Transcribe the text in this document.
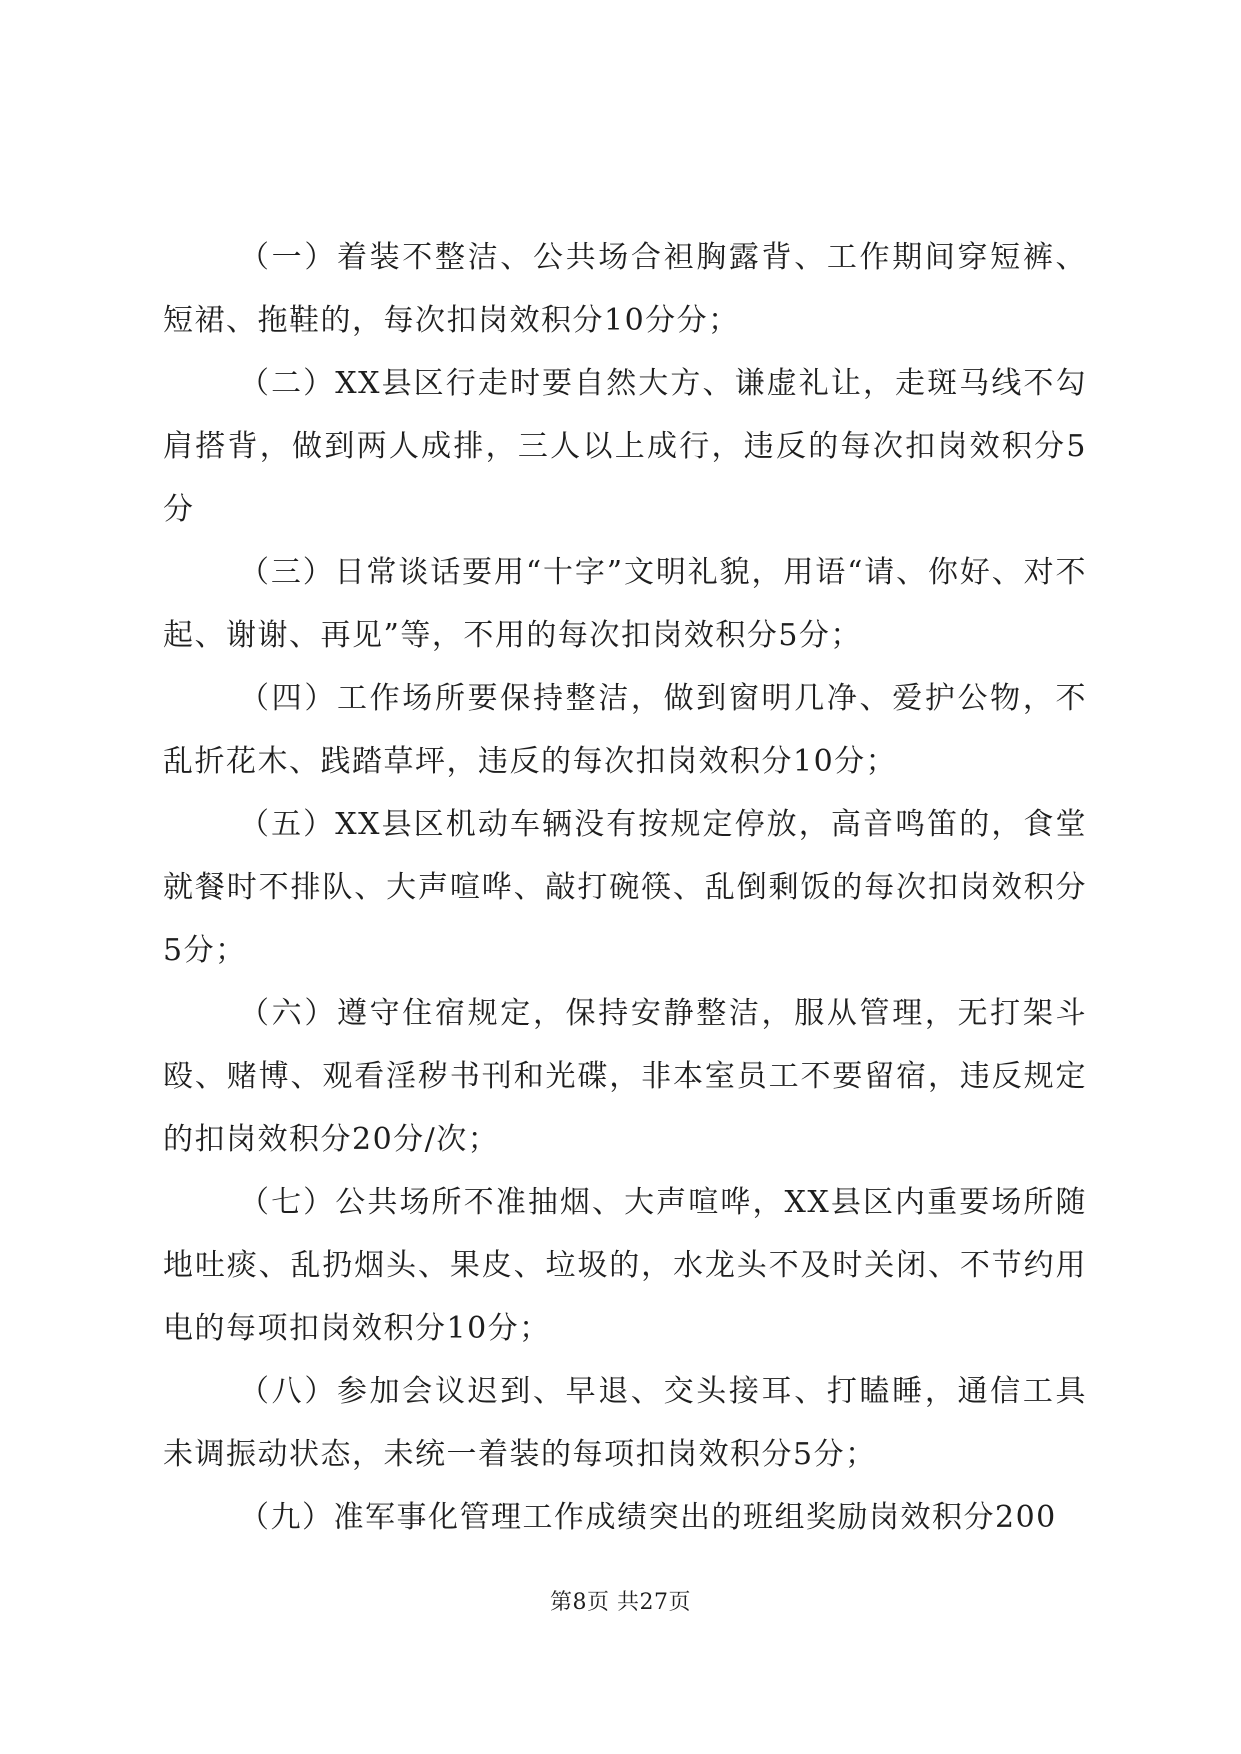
（一）着装不整洁、公共场合袒胸露背、工作期间穿短裤、短裙、拖鞋的，每次扣岗效积分10分分；

（二）XX县区行走时要自然大方、谦虚礼让，走斑马线不勾肩搭背，做到两人成排，三人以上成行，违反的每次扣岗效积分5分

（三）日常谈话要用“十字”文明礼貌，用语“请、你好、对不起、谢谢、再见”等，不用的每次扣岗效积分5分；

（四）工作场所要保持整洁，做到窗明几净、爱护公物，不乱折花木、践踏草坪，违反的每次扣岗效积分10分；

（五）XX县区机动车辆没有按规定停放，高音鸣笛的，食堂就餐时不排队、大声喧哗、敲打碗筷、乱倒剩饭的每次扣岗效积分5分；

（六）遵守住宿规定，保持安静整洁，服从管理，无打架斗殴、赌博、观看淫秽书刊和光碟，非本室员工不要留宿，违反规定的扣岗效积分20分/次；

（七）公共场所不准抽烟、大声喧哗，XX县区内重要场所随地吐痰、乱扔烟头、果皮、垃圾的，水龙头不及时关闭、不节约用电的每项扣岗效积分10分；

（八）参加会议迟到、早退、交头接耳、打瞌睡，通信工具未调振动状态，未统一着装的每项扣岗效积分5分；

（九）准军事化管理工作成绩突出的班组奖励岗效积分200

第8页 共27页
